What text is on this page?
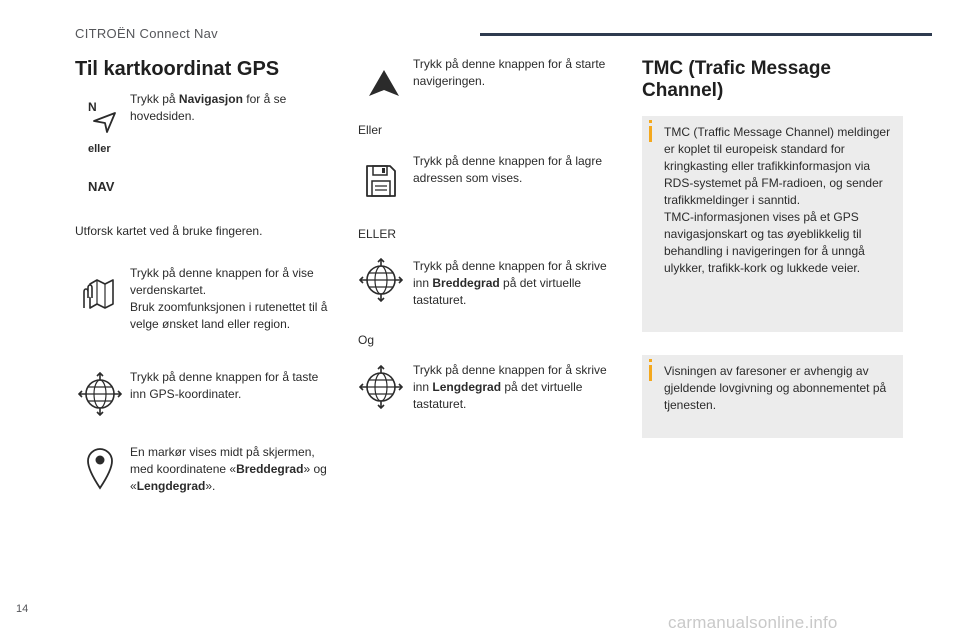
CITROËN Connect Nav
Til kartkoordinat GPS
N
Trykk på Navigasjon for å se hovedsiden.
eller
NAV
Utforsk kartet ved å bruke fingeren.
Trykk på denne knappen for å vise verdenskartet.
Bruk zoomfunksjonen i rutenettet til å velge ønsket land eller region.
Trykk på denne knappen for å taste inn GPS-koordinater.
En markør vises midt på skjermen, med koordinatene «Breddegrad» og «Lengdegrad».
Trykk på denne knappen for å starte navigeringen.
Eller
Trykk på denne knappen for å lagre adressen som vises.
ELLER
Trykk på denne knappen for å skrive inn Breddegrad på det virtuelle tastaturet.
Og
Trykk på denne knappen for å skrive inn Lengdegrad på det virtuelle tastaturet.
TMC (Trafic Message
Channel)
TMC (Traffic Message Channel) meldinger er koplet til europeisk standard for kringkasting eller trafikkinformasjon via RDS-systemet på FM-radioen, og sender trafikkmeldinger i sanntid.
TMC-informasjonen vises på et GPS navigasjonskart og tas øyeblikkelig til behandling i navigeringen for å unngå ulykker, trafikk-kork og lukkede veier.
Visningen av faresoner er avhengig av gjeldende lovgivning og abonnementet på tjenesten.
14
carmanualsonline.info
